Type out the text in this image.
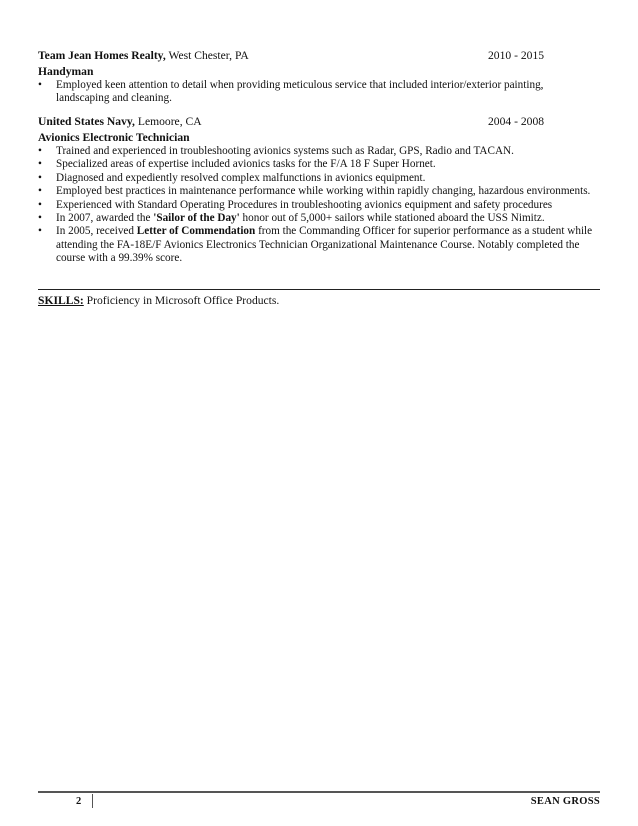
Team Jean Homes Realty, West Chester, PA	2010 - 2015
Handyman
• Employed keen attention to detail when providing meticulous service that included interior/exterior painting, landscaping and cleaning.
United States Navy, Lemoore, CA	2004 - 2008
Avionics Electronic Technician
• Trained and experienced in troubleshooting avionics systems such as Radar, GPS, Radio and TACAN.
• Specialized areas of expertise included avionics tasks for the F/A 18 F Super Hornet.
• Diagnosed and expediently resolved complex malfunctions in avionics equipment.
• Employed best practices in maintenance performance while working within rapidly changing, hazardous environments.
• Experienced with Standard Operating Procedures in troubleshooting avionics equipment and safety procedures
• In 2007, awarded the 'Sailor of the Day' honor out of 5,000+ sailors while stationed aboard the USS Nimitz.
• In 2005, received Letter of Commendation from the Commanding Officer for superior performance as a student while attending the FA-18E/F Avionics Electronics Technician Organizational Maintenance Course. Notably completed the course with a 99.39% score.
SKILLS: Proficiency in Microsoft Office Products.
2	SEAN GROSS
